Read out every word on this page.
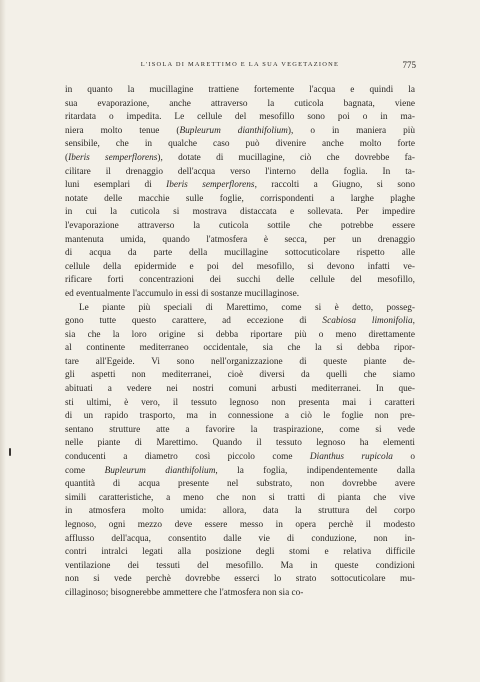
L'ISOLA DI MARETTIMO E LA SUA VEGETAZIONE	775
in quanto la mucillagine trattiene fortemente l'acqua e quindi la
sua evaporazione, anche attraverso la cuticola bagnata, viene
ritardata o impedita. Le cellule del mesofillo sono poi o in ma-
niera molto tenue (Bupleurum dianthifolium), o in maniera più
sensibile, che in qualche caso può divenire anche molto forte
(Iberis semperflorens), dotate di mucillagine, ciò che dovrebbe fa-
cilitare il drenaggio dell'acqua verso l'interno della foglia. In ta-
luni esemplari di Iberis semperflorens, raccolti a Giugno, si sono
notate delle macchie sulle foglie, corrispondenti a larghe plaghe
in cui la cuticola si mostrava distaccata e sollevata. Per impedire
l'evaporazione attraverso la cuticola sottile che potrebbe essere
mantenuta umida, quando l'atmosfera è secca, per un drenaggio
di acqua da parte della mucillagine sottocuticolare rispetto alle
cellule della epidermide e poi del mesofillo, si devono infatti ve-
rificare forti concentrazioni dei succhi delle cellule del mesofillo,
ed eventualmente l'accumulo in essi di sostanze mucillaginose.
Le piante più speciali di Marettimo, come si è detto, posseg-
gono tutte questo carattere, ad eccezione di Scabiosa limonifolia,
sia che la loro origine si debba riportare più o meno direttamente
al continente mediterraneo occidentale, sia che la si debba ripor-
tare all'Egeide. Vi sono nell'organizzazione di queste piante de-
gli aspetti non mediterranei, cioè diversi da quelli che siamo
abituati a vedere nei nostri comuni arbusti mediterranei. In que-
sti ultimi, è vero, il tessuto legnoso non presenta mai i caratteri
di un rapido trasporto, ma in connessione a ciò le foglie non pre-
sentano strutture atte a favorire la traspirazione, come si vede
nelle piante di Marettimo. Quando il tessuto legnoso ha elementi
conducenti a diametro così piccolo come Dianthus rupicola o
come Bupleurum dianthifolium, la foglia, indipendentemente dalla
quantità di acqua presente nel substrato, non dovrebbe avere
simili caratteristiche, a meno che non si tratti di pianta che vive
in atmosfera molto umida: allora, data la struttura del corpo
legnoso, ogni mezzo deve essere messo in opera perchè il modesto
afflusso dell'acqua, consentito dalle vie di conduzione, non in-
contri intralci legati alla posizione degli stomi e relativa difficile
ventilazione dei tessuti del mesofillo. Ma in queste condizioni
non si vede perchè dovrebbe esserci lo strato sottocuticolare mu-
cillaginoso; bisognerebbe ammettere che l'atmosfera non sia co-
